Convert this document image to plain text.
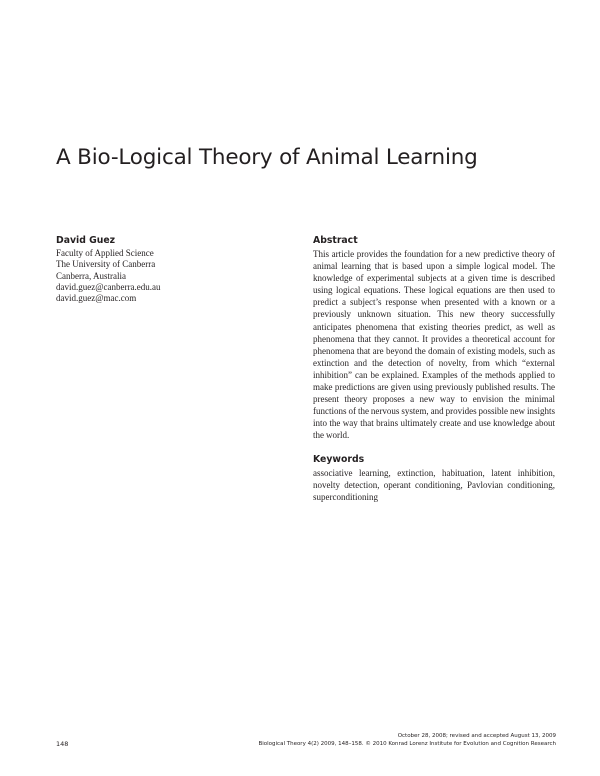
A Bio-Logical Theory of Animal Learning
David Guez
Faculty of Applied Science
The University of Canberra
Canberra, Australia
david.guez@canberra.edu.au
david.guez@mac.com
Abstract

This article provides the foundation for a new predictive theory of animal learning that is based upon a simple logical model. The knowledge of experimental subjects at a given time is described using logical equations. These logical equations are then used to predict a subject’s response when presented with a known or a previously unknown situation. This new theory successfully anticipates phenomena that existing theories predict, as well as phenomena that they cannot. It provides a theoretical account for phenomena that are beyond the domain of existing models, such as extinction and the detection of novelty, from which “external inhibition” can be explained. Examples of the methods applied to make predictions are given using previously published results. The present theory proposes a new way to envision the minimal functions of the nervous system, and provides possible new insights into the way that brains ultimately create and use knowledge about the world.

Keywords

associative learning, extinction, habituation, latent inhibition, novelty detection, operant conditioning, Pavlovian conditioning, superconditioning

October 28, 2008; revised and accepted August 13, 2009
Biological Theory 4(2) 2009, 148–158. © 2010 Konrad Lorenz Institute for Evolution and Cognition Research
148
